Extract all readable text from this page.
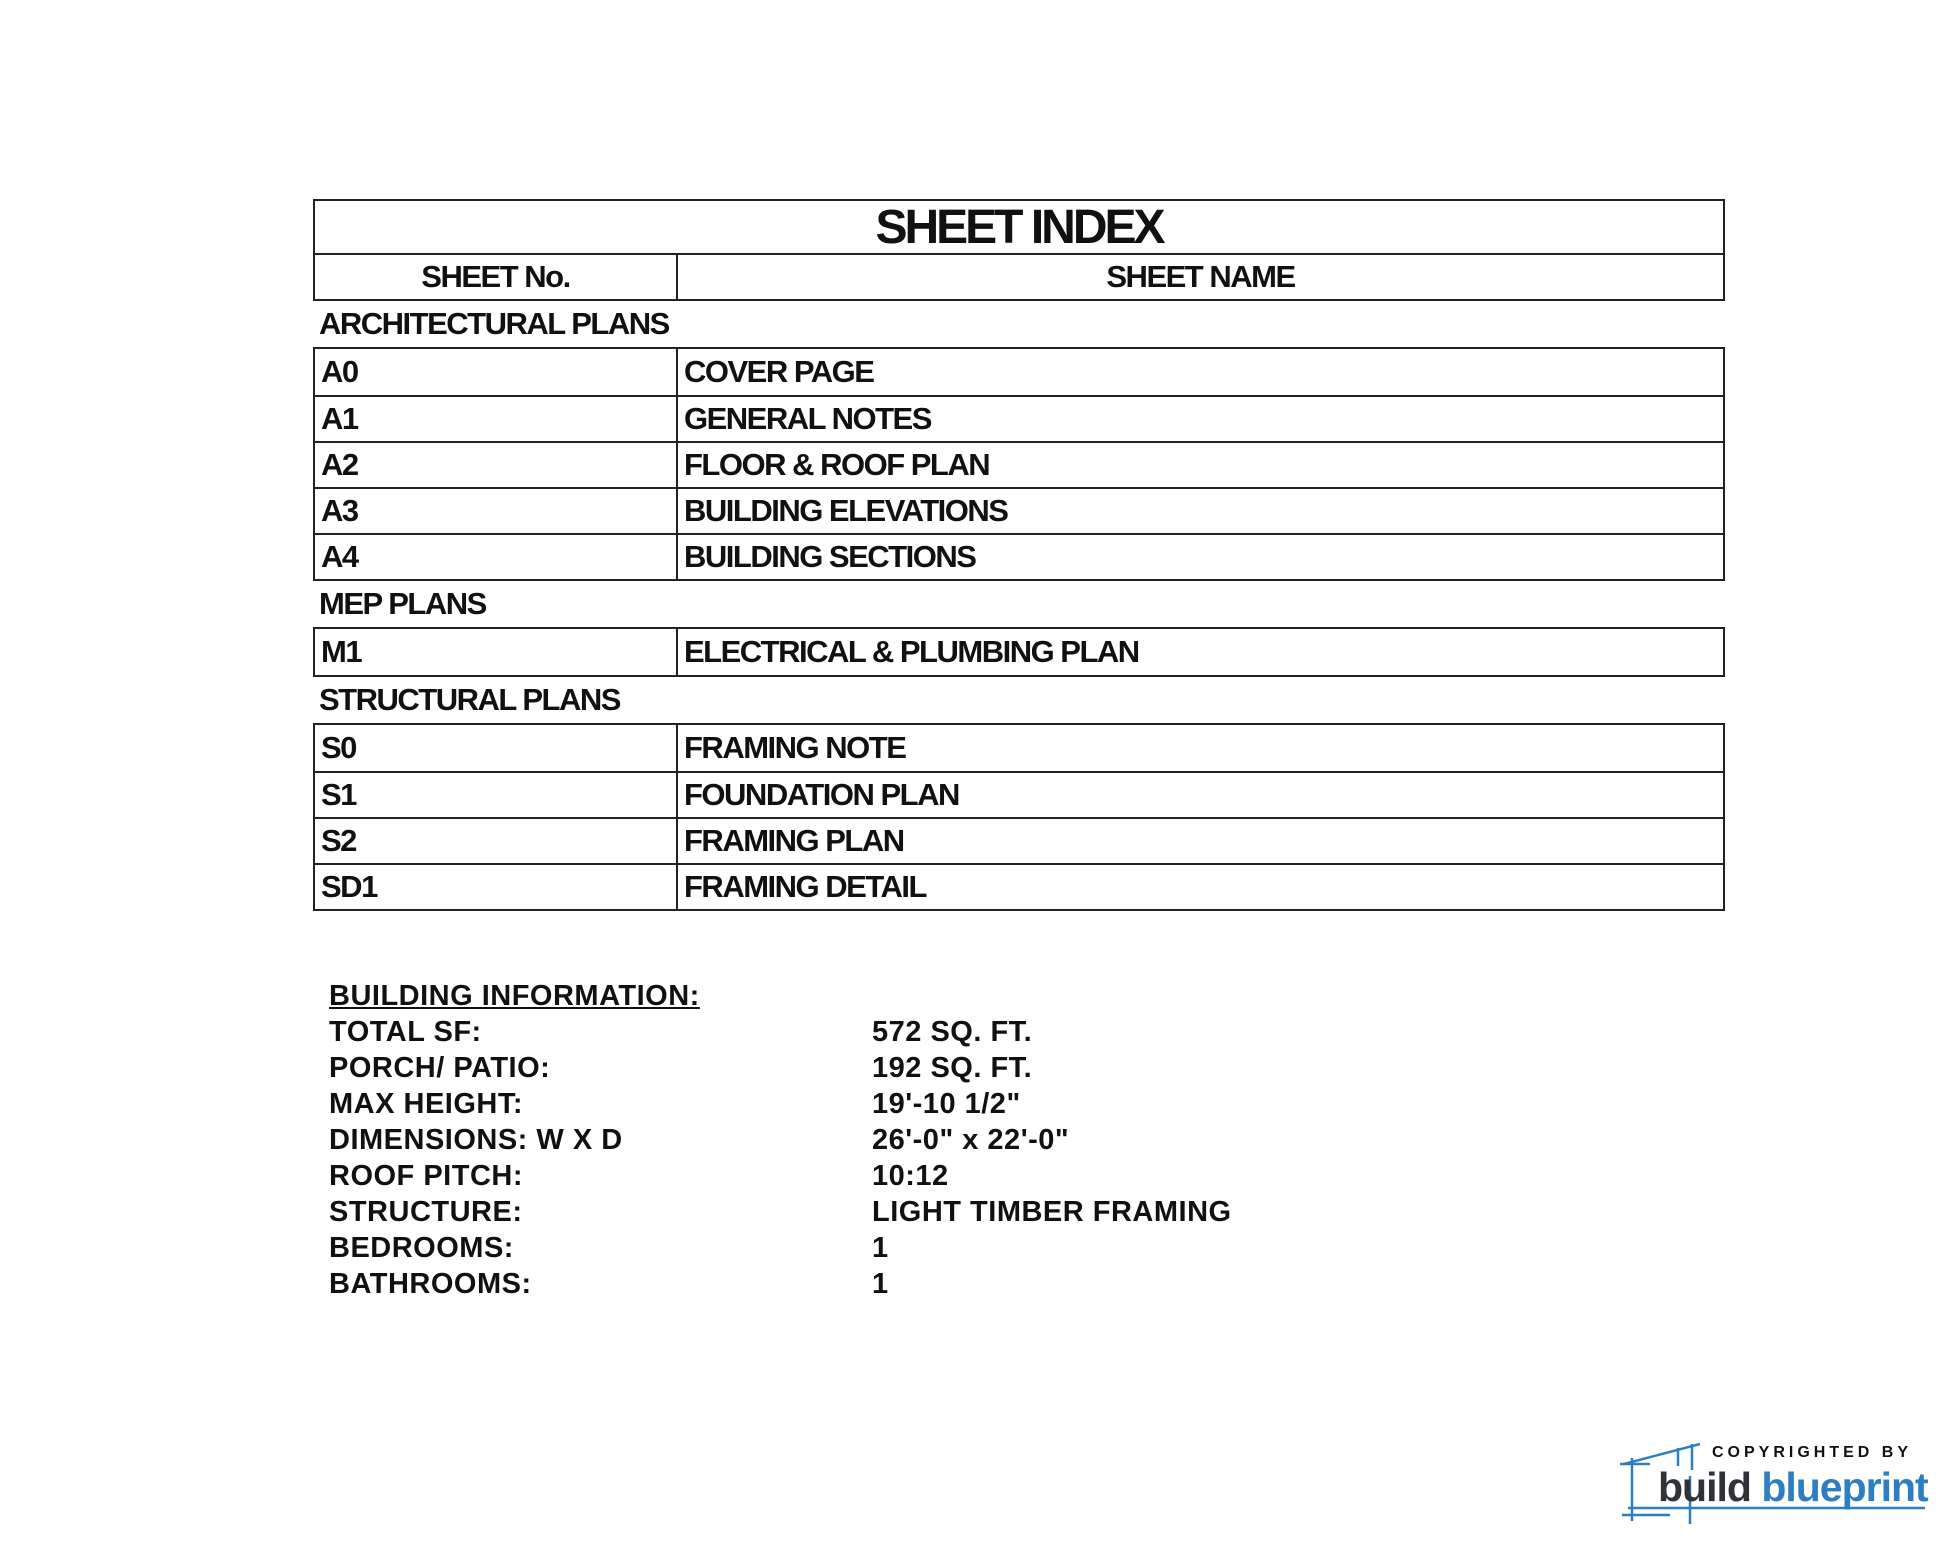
SHEET INDEX
SHEET No.	SHEET NAME
ARCHITECTURAL PLANS
A0	COVER PAGE
A1	GENERAL NOTES
A2	FLOOR & ROOF PLAN
A3	BUILDING ELEVATIONS
A4	BUILDING SECTIONS
MEP PLANS
M1	ELECTRICAL & PLUMBING PLAN
STRUCTURAL PLANS
S0	FRAMING NOTE
S1	FOUNDATION PLAN
S2	FRAMING PLAN
SD1	FRAMING DETAIL
BUILDING INFORMATION:
TOTAL SF:	572 SQ. FT.
PORCH/ PATIO:	192 SQ. FT.
MAX HEIGHT:	19'-10 1/2"
DIMENSIONS: W X D	26'-0" x 22'-0"
ROOF PITCH:	10:12
STRUCTURE:	LIGHT TIMBER FRAMING
BEDROOMS:	1
BATHROOMS:	1
COPYRIGHTED BY
build blueprint
